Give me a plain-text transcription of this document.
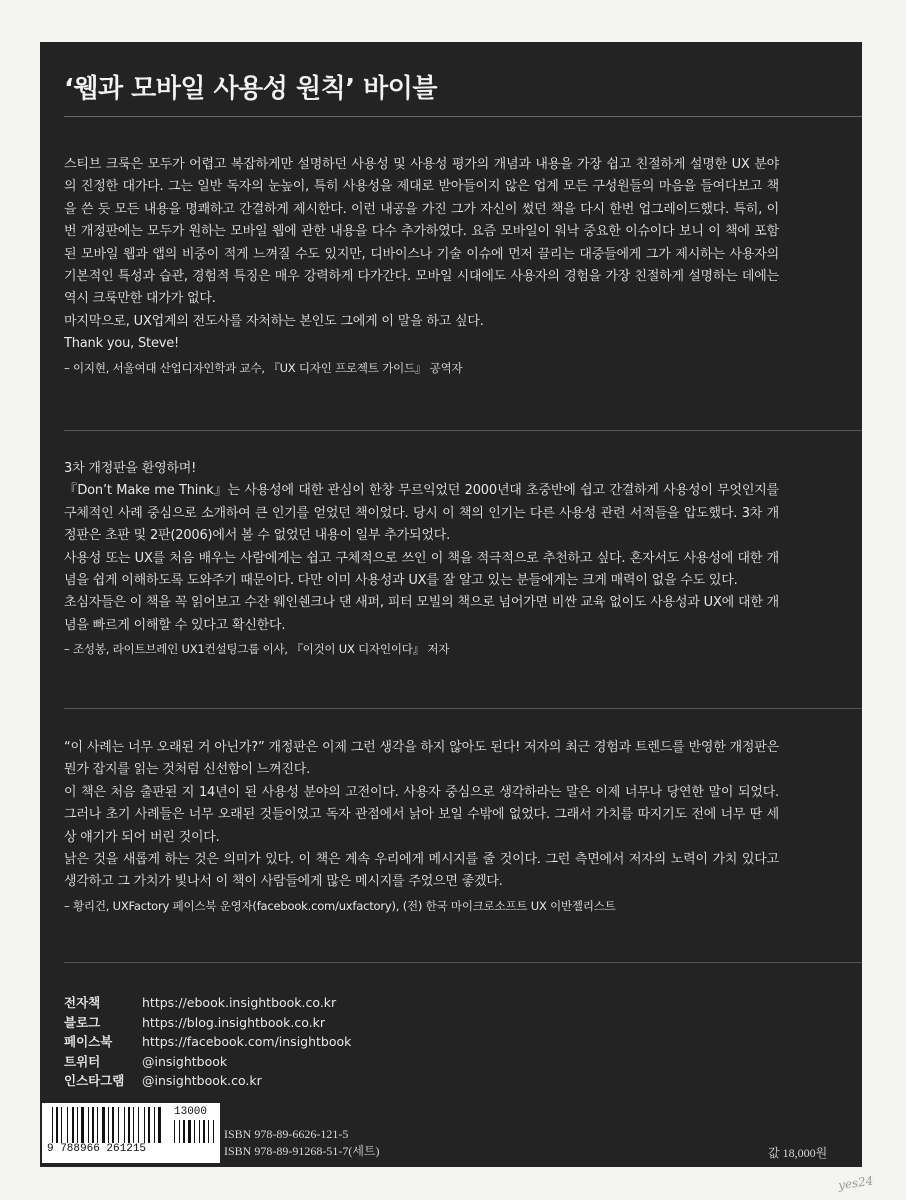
‘웹과 모바일 사용성 원칙’ 바이블

스티브 크룩은 모두가 어렵고 복잡하게만 설명하던 사용성 및 사용성 평가의 개념과 내용을 가장 쉽고 친절하게 설명한 UX 분야의 진정한 대가다. 그는 일반 독자의 눈높이, 특히 사용성을 제대로 받아들이지 않은 업계 모든 구성원들의 마음을 들여다보고 책을 쓴 듯 모든 내용을 명쾌하고 간결하게 제시한다. 이런 내공을 가진 그가 자신이 썼던 책을 다시 한번 업그레이드했다. 특히, 이번 개정판에는 모두가 원하는 모바일 웹에 관한 내용을 다수 추가하였다. 요즘 모바일이 워낙 중요한 이슈이다 보니 이 책에 포함된 모바일 웹과 앱의 비중이 적게 느껴질 수도 있지만, 디바이스나 기술 이슈에 먼저 끌리는 대중들에게 그가 제시하는 사용자의 기본적인 특성과 습관, 경험적 특징은 매우 강력하게 다가간다. 모바일 시대에도 사용자의 경험을 가장 친절하게 설명하는 데에는 역시 크룩만한 대가가 없다.

마지막으로, UX업계의 전도사를 자처하는 본인도 그에게 이 말을 하고 싶다.

Thank you, Steve!

– 이지현, 서울여대 산업디자인학과 교수, 『UX 디자인 프로젝트 가이드』 공역자

3차 개정판을 환영하며!

『Don’t Make me Think』는 사용성에 대한 관심이 한창 무르익었던 2000년대 초중반에 쉽고 간결하게 사용성이 무엇인지를 구체적인 사례 중심으로 소개하여 큰 인기를 얻었던 책이었다. 당시 이 책의 인기는 다른 사용성 관련 서적들을 압도했다. 3차 개정판은 초판 및 2판(2006)에서 볼 수 없었던 내용이 일부 추가되었다.

사용성 또는 UX를 처음 배우는 사람에게는 쉽고 구체적으로 쓰인 이 책을 적극적으로 추천하고 싶다. 혼자서도 사용성에 대한 개념을 쉽게 이해하도록 도와주기 때문이다. 다만 이미 사용성과 UX를 잘 알고 있는 분들에게는 크게 매력이 없을 수도 있다.

초심자들은 이 책을 꼭 읽어보고 수잔 웨인쉔크나 댄 새퍼, 피터 모빌의 책으로 넘어가면 비싼 교육 없이도 사용성과 UX에 대한 개념을 빠르게 이해할 수 있다고 확신한다.

– 조성봉, 라이트브레인 UX1컨설팅그룹 이사, 『이것이 UX 디자인이다』 저자

“이 사례는 너무 오래된 거 아닌가?” 개정판은 이제 그런 생각을 하지 않아도 된다! 저자의 최근 경험과 트렌드를 반영한 개정판은 뭔가 잡지를 읽는 것처럼 신선함이 느껴진다.

이 책은 처음 출판된 지 14년이 된 사용성 분야의 고전이다. 사용자 중심으로 생각하라는 말은 이제 너무나 당연한 말이 되었다. 그러나 초기 사례들은 너무 오래된 것들이었고 독자 관점에서 낡아 보일 수밖에 없었다. 그래서 가치를 따지기도 전에 너무 딴 세상 얘기가 되어 버린 것이다.

낡은 것을 새롭게 하는 것은 의미가 있다. 이 책은 계속 우리에게 메시지를 줄 것이다. 그런 측면에서 저자의 노력이 가치 있다고 생각하고 그 가치가 빛나서 이 책이 사람들에게 많은 메시지를 주었으면 좋겠다.

– 황리건, UXFactory 페이스북 운영자(facebook.com/uxfactory), (전) 한국 마이크로소프트 UX 이반젤리스트

전자책	https://ebook.insightbook.co.kr
블로그	https://blog.insightbook.co.kr
페이스북	https://facebook.com/insightbook
트위터	@insightbook
인스타그램	@insightbook.co.kr
13000
9 788966 261215
ISBN 978-89-6626-121-5
ISBN 978-89-91268-51-7(세트)	값 18,000원
yes24
